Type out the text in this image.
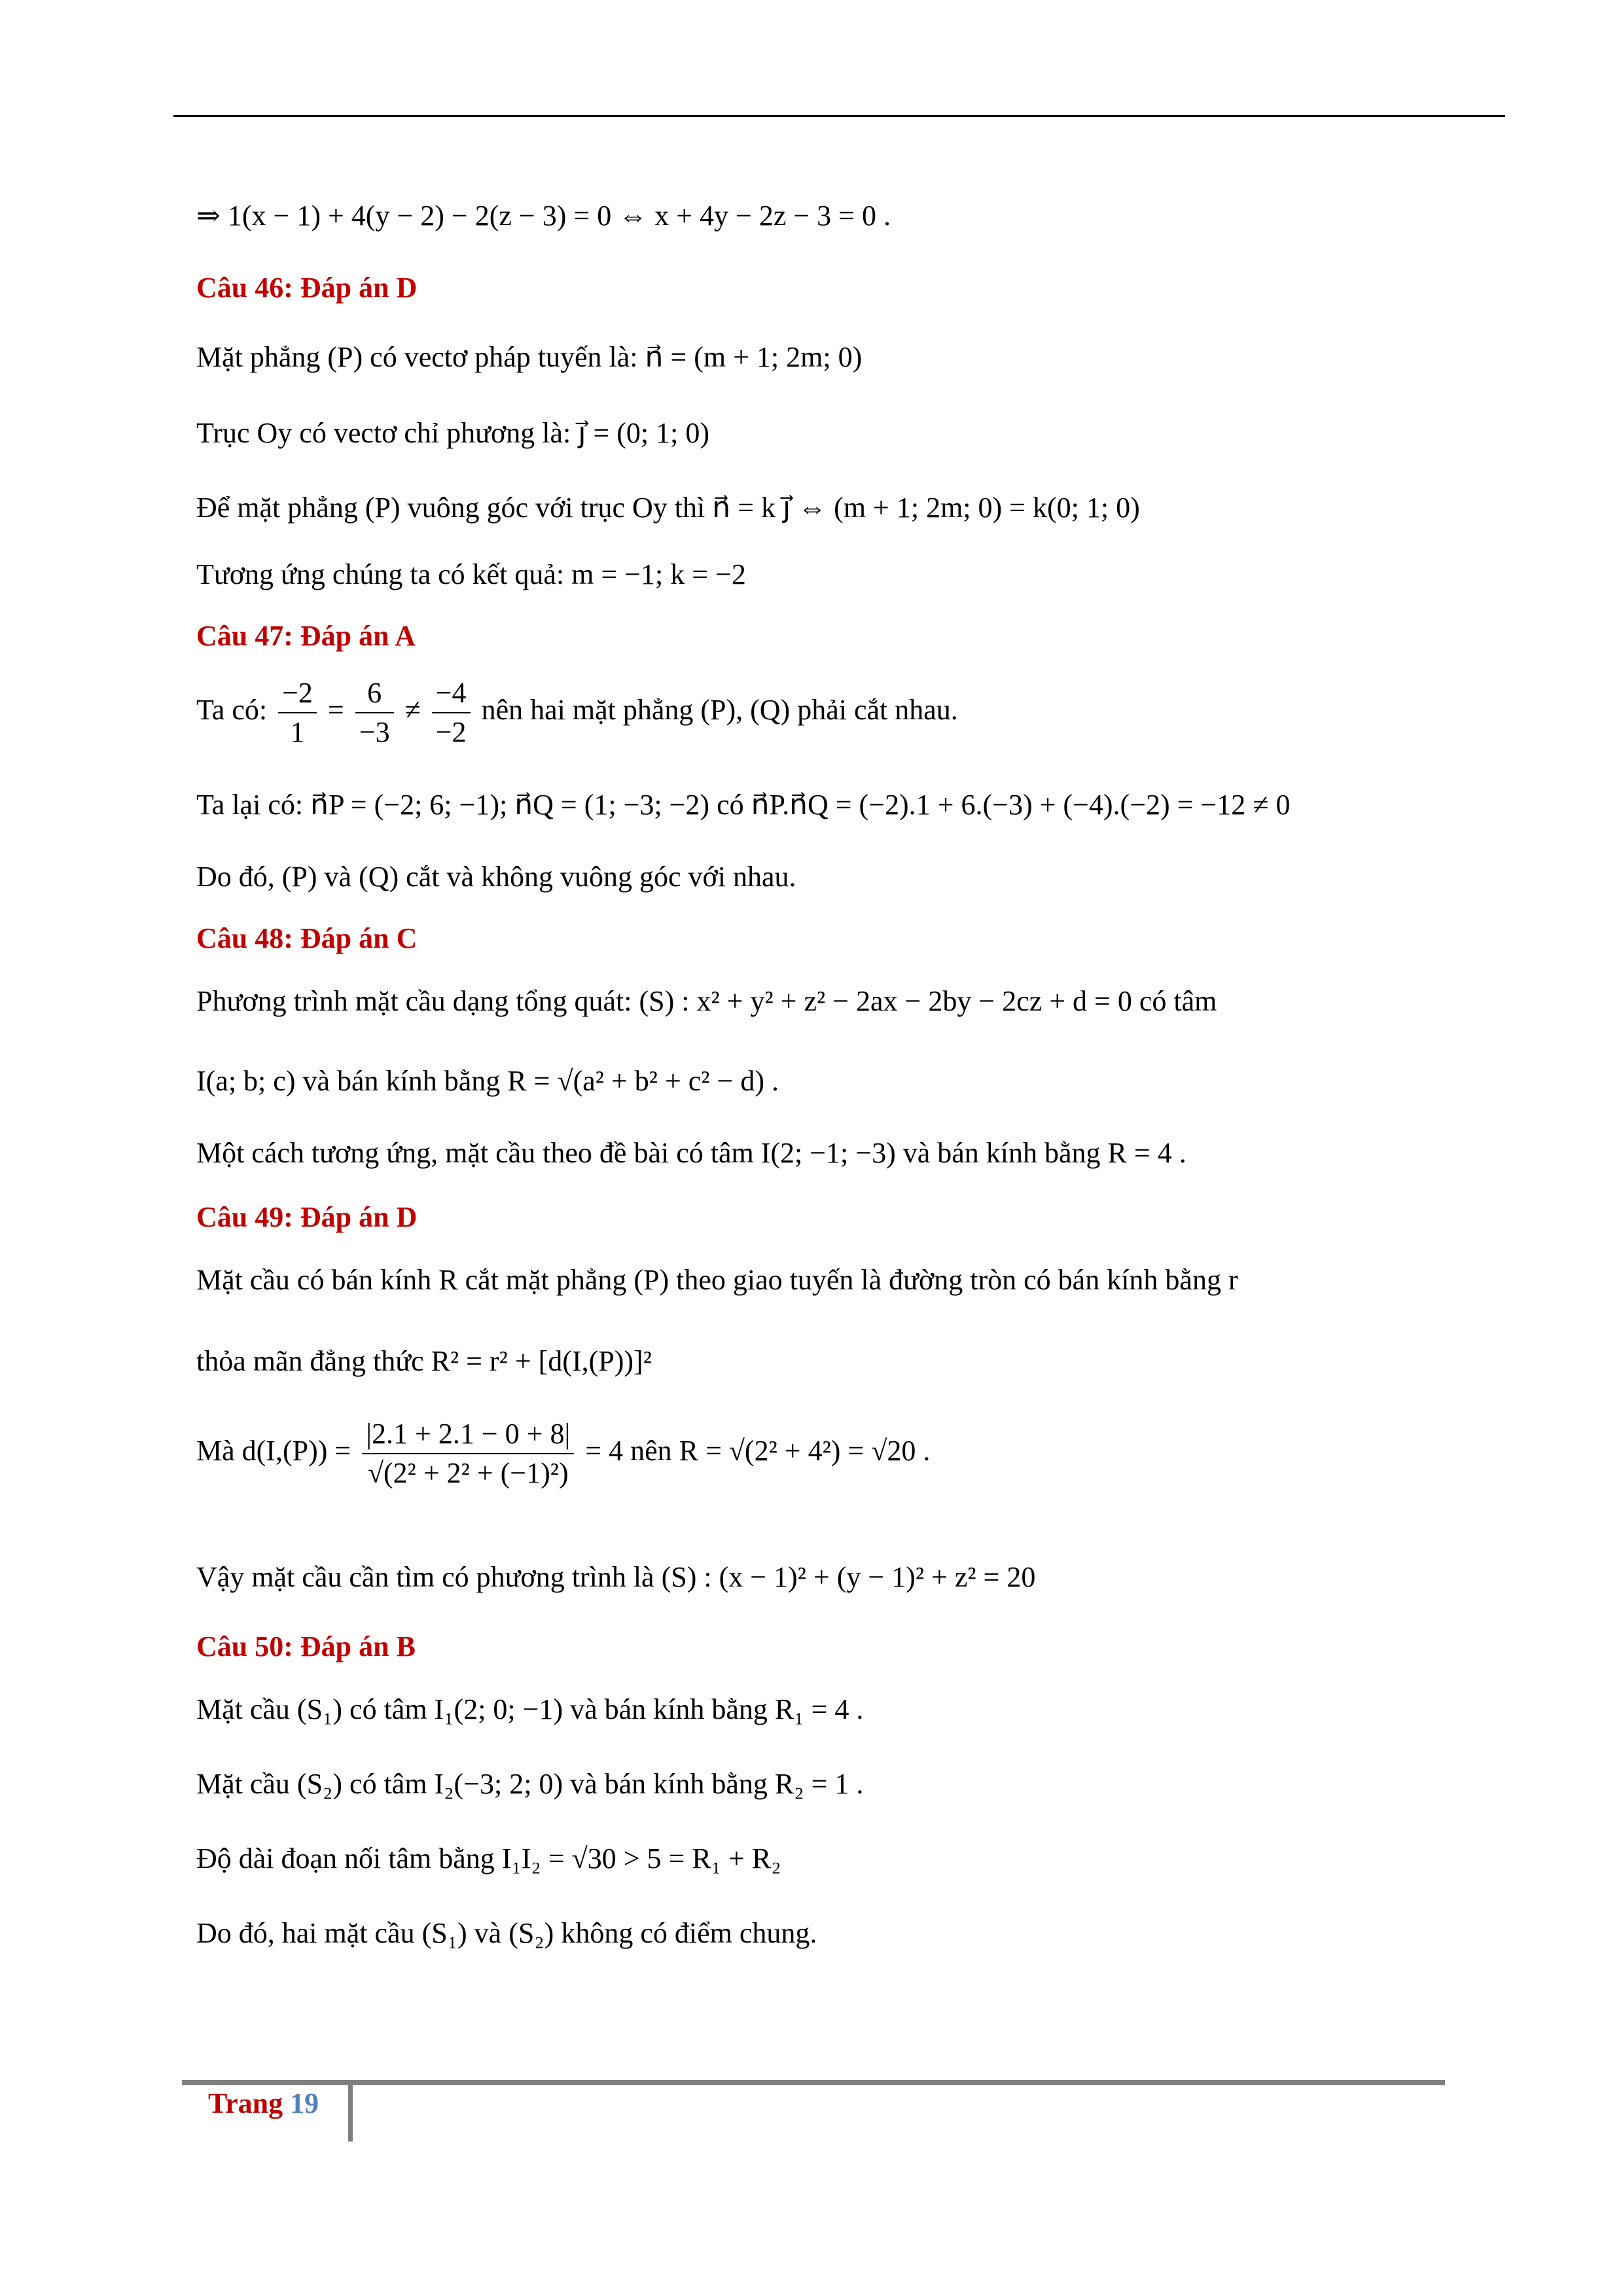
⇒ 1(x − 1) + 4(y − 2) − 2(z − 3) = 0 ⇔ x + 4y − 2z − 3 = 0 .
Câu 46: Đáp án D
Mặt phẳng (P) có vectơ pháp tuyến là: n⃗ = (m + 1; 2m; 0)
Trục Oy có vectơ chỉ phương là: j⃗ = (0; 1; 0)
Để mặt phẳng (P) vuông góc với trục Oy thì n⃗ = k j⃗ ⇔ (m + 1; 2m; 0) = k(0; 1; 0)
Tương ứng chúng ta có kết quả: m = −1; k = −2
Câu 47: Đáp án A
Ta có: $\frac{-2}{1} = \frac{6}{-3} \ne \frac{-4}{-2}$ nên hai mặt phẳng (P), (Q) phải cắt nhau.
Ta lại có: n⃗P = (−2; 6; −1); n⃗Q = (1; −3; −2) có n⃗P.n⃗Q = (−2).1 + 6.(−3) + (−4).(−2) = −12 ≠ 0
Do đó, (P) và (Q) cắt và không vuông góc với nhau.
Câu 48: Đáp án C
Phương trình mặt cầu dạng tổng quát: (S) : x² + y² + z² − 2ax − 2by − 2cz + d = 0 có tâm
I(a; b; c) và bán kính bằng R = √(a² + b² + c² − d) .
Một cách tương ứng, mặt cầu theo đề bài có tâm I(2; −1; −3) và bán kính bằng R = 4 .
Câu 49: Đáp án D
Mặt cầu có bán kính R cắt mặt phẳng (P) theo giao tuyến là đường tròn có bán kính bằng r
thỏa mãn đẳng thức R² = r² + [d(I,(P))]²
Mà $d(I,(P)) = \frac{|2.1 + 2.1 - 0 + 8|}{\text{√(2² + 2² + (−1)²)}} = 4$ nên R = √(2² + 4²) = √20 .
Vậy mặt cầu cần tìm có phương trình là (S) : (x − 1)² + (y − 1)² + z² = 20
Câu 50: Đáp án B
Mặt cầu (S₁) có tâm I₁(2; 0; −1) và bán kính bằng R₁ = 4 .
Mặt cầu (S₂) có tâm I₂(−3; 2; 0) và bán kính bằng R₂ = 1 .
Độ dài đoạn nối tâm bằng I₁I₂ = √30 > 5 = R₁ + R₂
Do đó, hai mặt cầu (S₁) và (S₂) không có điểm chung.
Trang 19
